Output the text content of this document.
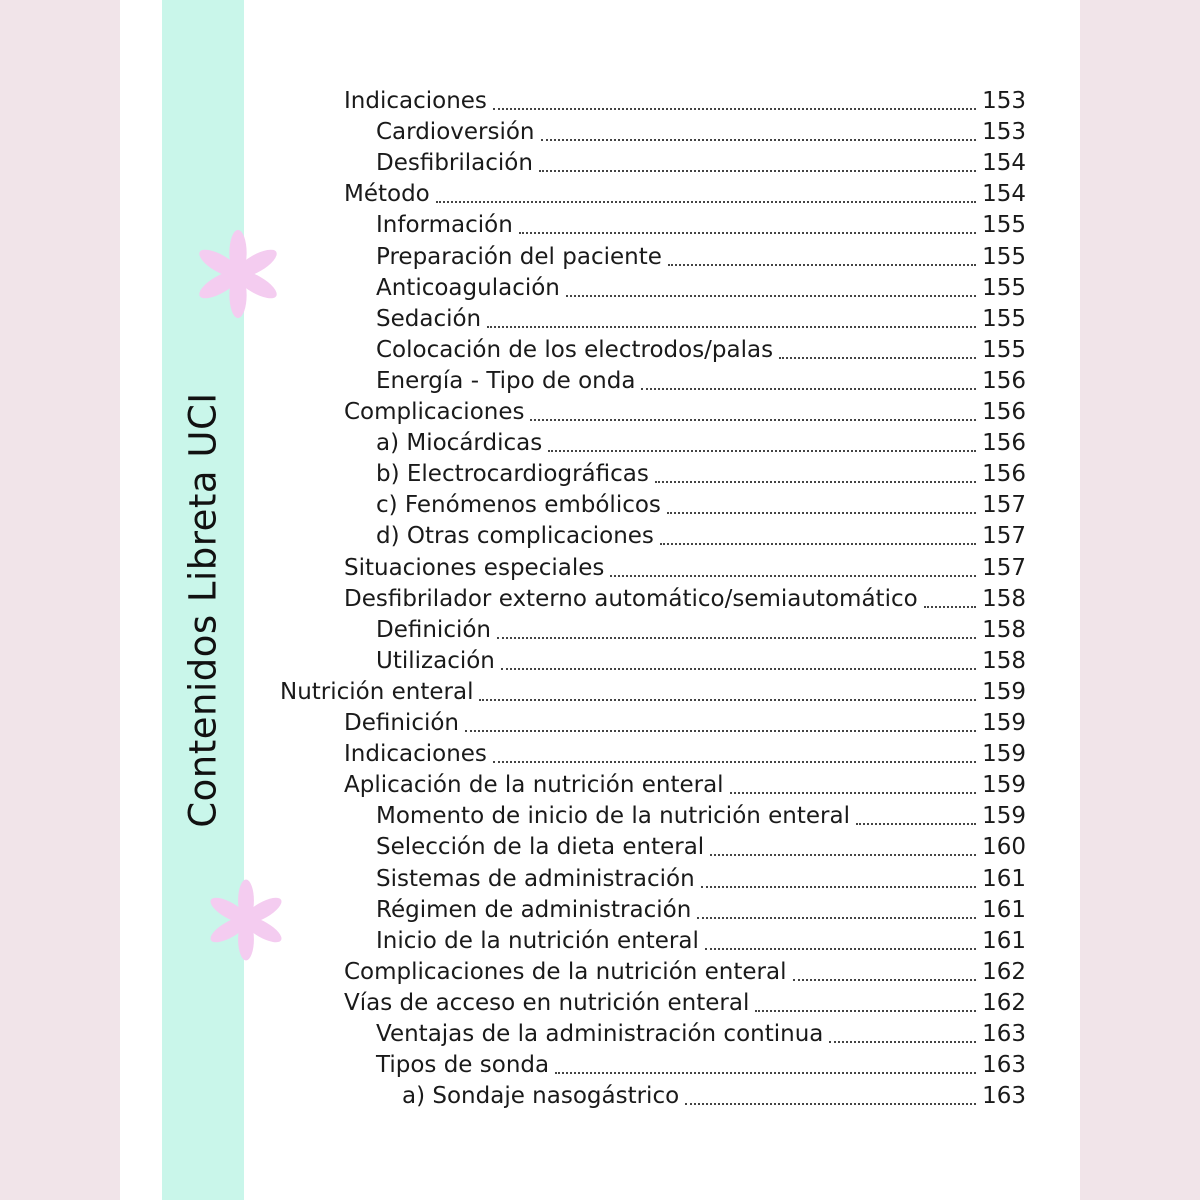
Contenidos Libreta UCI
Indicaciones	153
Cardioversión	153
Desfibrilación	154
Método	154
Información	155
Preparación del paciente	155
Anticoagulación	155
Sedación	155
Colocación de los electrodos/palas	155
Energía - Tipo de onda	156
Complicaciones	156
a) Miocárdicas	156
b) Electrocardiográficas	156
c) Fenómenos embólicos	157
d) Otras complicaciones	157
Situaciones especiales	157
Desfibrilador externo automático/semiautomático	158
Definición	158
Utilización	158
Nutrición enteral	159
Definición	159
Indicaciones	159
Aplicación de la nutrición enteral	159
Momento de inicio de la nutrición enteral	159
Selección de la dieta enteral	160
Sistemas de administración	161
Régimen de administración	161
Inicio de la nutrición enteral	161
Complicaciones de la nutrición enteral	162
Vías de acceso en nutrición enteral	162
Ventajas de la administración continua	163
Tipos de sonda	163
a) Sondaje nasogástrico	163
